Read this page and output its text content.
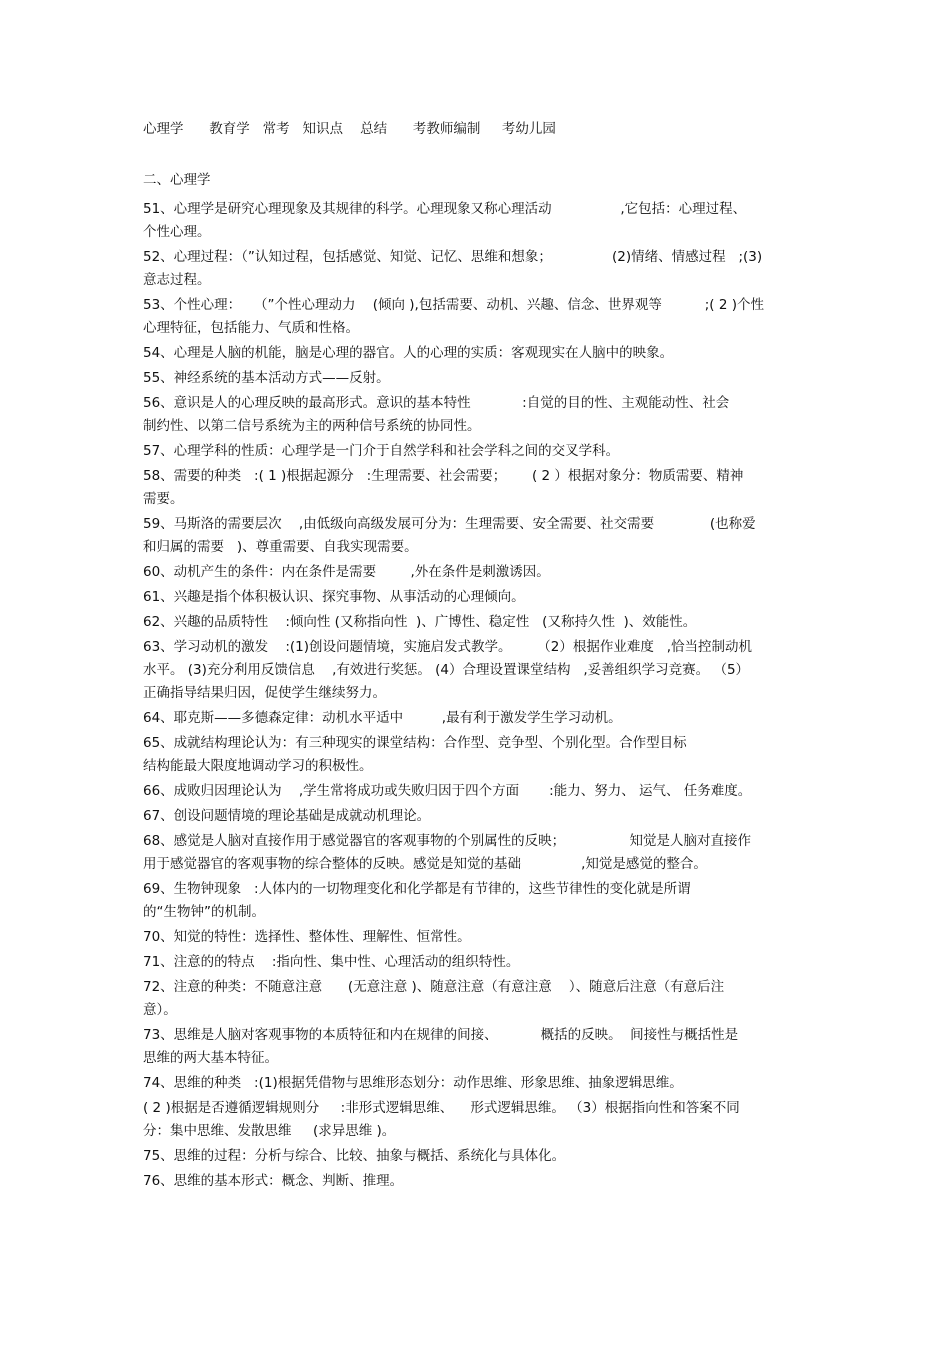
心理学      教育学   常考   知识点    总结      考教师编制     考幼儿园
二、心理学

51、心理学是研究心理现象及其规律的科学。心理现象又称心理活动                ,它包括：心理过程、
个性心理。

52、心理过程：（”认知过程，包括感觉、知觉、记忆、思维和想象；              (2)情绪、情感过程   ;(3)
意志过程。

53、个性心理：   （”个性心理动力    (倾向 ),包括需要、动机、兴趣、信念、世界观等          ;( 2 )个性
心理特征，包括能力、气质和性格。

54、心理是人脑的机能，脑是心理的器官。人的心理的实质：客观现实在人脑中的映象。

55、神经系统的基本活动方式——反射。

56、意识是人的心理反映的最高形式。意识的基本特性            :自觉的目的性、主观能动性、社会
制约性、以第二信号系统为主的两种信号系统的协同性。

57、心理学科的性质：心理学是一门介于自然学科和社会学科之间的交叉学科。

58、需要的种类   :( 1 )根据起源分   :生理需要、社会需要；      ( 2 ）根据对象分：物质需要、精神
需要。

59、马斯洛的需要层次    ,由低级向高级发展可分为：生理需要、安全需要、社交需要             (也称爱
和归属的需要   )、尊重需要、自我实现需要。

60、动机产生的条件：内在条件是需要        ,外在条件是刺激诱因。

61、兴趣是指个体积极认识、探究事物、从事活动的心理倾向。

62、兴趣的品质特性    :倾向性 (又称指向性  )、广博性、稳定性   (又称持久性  )、效能性。

63、学习动机的激发    :(1)创设问题情境，实施启发式教学。      （2）根据作业难度   ,恰当控制动机
水平。 (3)充分利用反馈信息    ,有效进行奖惩。 (4）合理设置课堂结构   ,妥善组织学习竞赛。 （5）
正确指导结果归因，促使学生继续努力。

64、耶克斯——多德森定律：动机水平适中         ,最有利于激发学生学习动机。

65、成就结构理论认为：有三种现实的课堂结构：合作型、竞争型、个别化型。合作型目标
结构能最大限度地调动学习的积极性。

66、成败归因理论认为    ,学生常将成功或失败归因于四个方面       :能力、努力、 运气、 任务难度。

67、创设问题情境的理论基础是成就动机理论。

68、感觉是人脑对直接作用于感觉器官的客观事物的个别属性的反映；               知觉是人脑对直接作
用于感觉器官的客观事物的综合整体的反映。感觉是知觉的基础              ,知觉是感觉的整合。

69、生物钟现象   :人体内的一切物理变化和化学都是有节律的，这些节律性的变化就是所谓
的“生物钟”的机制。

70、知觉的特性：选择性、整体性、理解性、恒常性。

71、注意的的特点    :指向性、集中性、心理活动的组织特性。

72、注意的种类：不随意注意      (无意注意 )、随意注意（有意注意    ）、随意后注意（有意后注
意）。

73、思维是人脑对客观事物的本质特征和内在规律的间接、          概括的反映。  间接性与概括性是
思维的两大基本特征。

74、思维的种类   :(1)根据凭借物与思维形态划分：动作思维、形象思维、抽象逻辑思维。

( 2 )根据是否遵循逻辑规则分     :非形式逻辑思维、    形式逻辑思维。 （3）根据指向性和答案不同
分：集中思维、发散思维     (求异思维 )。

75、思维的过程：分析与综合、比较、抽象与概括、系统化与具体化。

76、思维的基本形式：概念、判断、推理。
